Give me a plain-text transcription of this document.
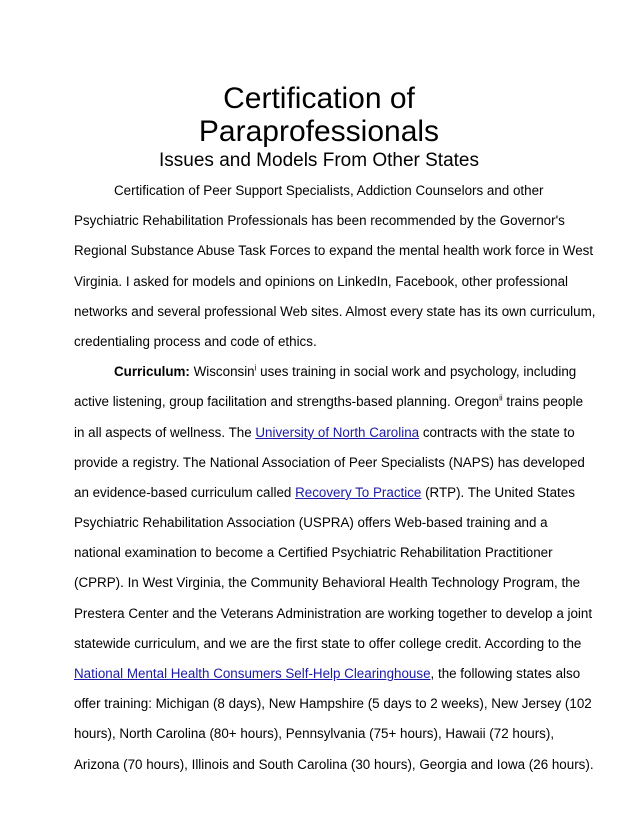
Certification of
Paraprofessionals
Issues and Models From Other States
Certification of Peer Support Specialists, Addiction Counselors and other
Psychiatric Rehabilitation Professionals has been recommended by the Governor's
Regional Substance Abuse Task Forces to expand the mental health work force in West
Virginia. I asked for models and opinions on LinkedIn, Facebook, other professional
networks and several professional Web sites. Almost every state has its own curriculum,
credentialing process and code of ethics.
Curriculum: Wisconsin$^i$ uses training in social work and psychology, including
active listening, group facilitation and strengths-based planning. Oregon$^{ii}$ trains people
in all aspects of wellness. The University of North Carolina contracts with the state to
provide a registry. The National Association of Peer Specialists (NAPS) has developed
an evidence-based curriculum called Recovery To Practice (RTP). The United States
Psychiatric Rehabilitation Association (USPRA) offers Web-based training and a
national examination to become a Certified Psychiatric Rehabilitation Practitioner
(CPRP). In West Virginia, the Community Behavioral Health Technology Program, the
Prestera Center and the Veterans Administration are working together to develop a joint
statewide curriculum, and we are the first state to offer college credit. According to the
National Mental Health Consumers Self-Help Clearinghouse, the following states also
offer training: Michigan (8 days), New Hampshire (5 days to 2 weeks), New Jersey (102
hours), North Carolina (80+ hours), Pennsylvania (75+ hours), Hawaii (72 hours),
Arizona (70 hours), Illinois and South Carolina (30 hours), Georgia and Iowa (26 hours).
